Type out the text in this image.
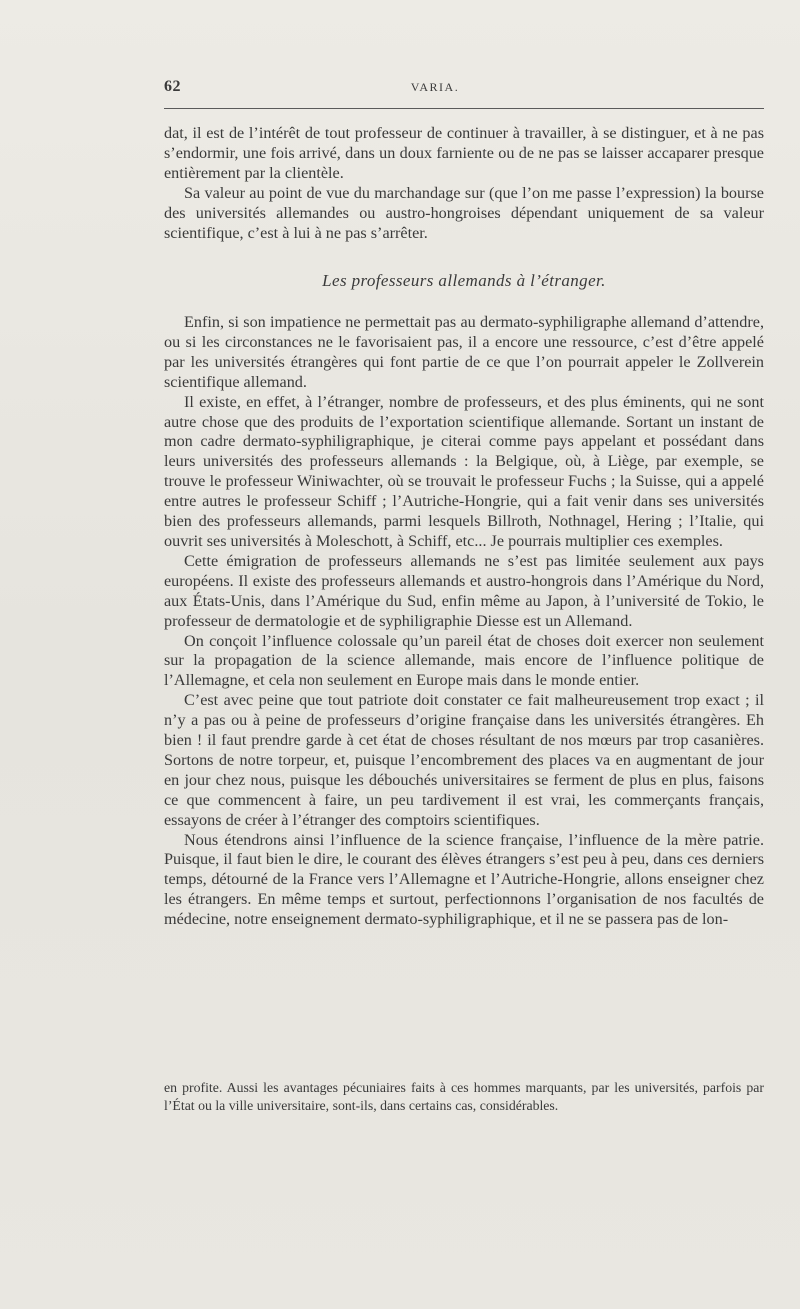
62	VARIA.

dat, il est de l’intérêt de tout professeur de continuer à travailler, à se distinguer, et à ne pas s’endormir, une fois arrivé, dans un doux farniente ou de ne pas se laisser accaparer presque entièrement par la clientèle.

Sa valeur au point de vue du marchandage sur (que l’on me passe l’expression) la bourse des universités allemandes ou austro-hongroises dépendant uniquement de sa valeur scientifique, c’est à lui à ne pas s’arrêter.

Les professeurs allemands à l’étranger.

Enfin, si son impatience ne permettait pas au dermato-syphiligraphe allemand d’attendre, ou si les circonstances ne le favorisaient pas, il a encore une ressource, c’est d’être appelé par les universités étrangères qui font partie de ce que l’on pourrait appeler le Zollverein scientifique allemand.

Il existe, en effet, à l’étranger, nombre de professeurs, et des plus éminents, qui ne sont autre chose que des produits de l’exportation scientifique allemande. Sortant un instant de mon cadre dermato-syphiligraphique, je citerai comme pays appelant et possédant dans leurs universités des professeurs allemands : la Belgique, où, à Liège, par exemple, se trouve le professeur Winiwachter, où se trouvait le professeur Fuchs ; la Suisse, qui a appelé entre autres le professeur Schiff ; l’Autriche-Hongrie, qui a fait venir dans ses universités bien des professeurs allemands, parmi lesquels Billroth, Nothnagel, Hering ; l’Italie, qui ouvrit ses universités à Moleschott, à Schiff, etc... Je pourrais multiplier ces exemples.

Cette émigration de professeurs allemands ne s’est pas limitée seulement aux pays européens. Il existe des professeurs allemands et austro-hongrois dans l’Amérique du Nord, aux États-Unis, dans l’Amérique du Sud, enfin même au Japon, à l’université de Tokio, le professeur de dermatologie et de syphiligraphie Diesse est un Allemand.

On conçoit l’influence colossale qu’un pareil état de choses doit exercer non seulement sur la propagation de la science allemande, mais encore de l’influence politique de l’Allemagne, et cela non seulement en Europe mais dans le monde entier.

C’est avec peine que tout patriote doit constater ce fait malheureusement trop exact ; il n’y a pas ou à peine de professeurs d’origine française dans les universités étrangères. Eh bien ! il faut prendre garde à cet état de choses résultant de nos mœurs par trop casanières. Sortons de notre torpeur, et, puisque l’encombrement des places va en augmentant de jour en jour chez nous, puisque les débouchés universitaires se ferment de plus en plus, faisons ce que commencent à faire, un peu tardivement il est vrai, les commerçants français, essayons de créer à l’étranger des comptoirs scientifiques.

Nous étendrons ainsi l’influence de la science française, l’influence de la mère patrie. Puisque, il faut bien le dire, le courant des élèves étrangers s’est peu à peu, dans ces derniers temps, détourné de la France vers l’Allemagne et l’Autriche-Hongrie, allons enseigner chez les étrangers. En même temps et surtout, perfectionnons l’organisation de nos facultés de médecine, notre enseignement dermato-syphiligraphique, et il ne se passera pas de lon-

en profite. Aussi les avantages pécuniaires faits à ces hommes marquants, par les universités, parfois par l’État ou la ville universitaire, sont-ils, dans certains cas, considérables.
